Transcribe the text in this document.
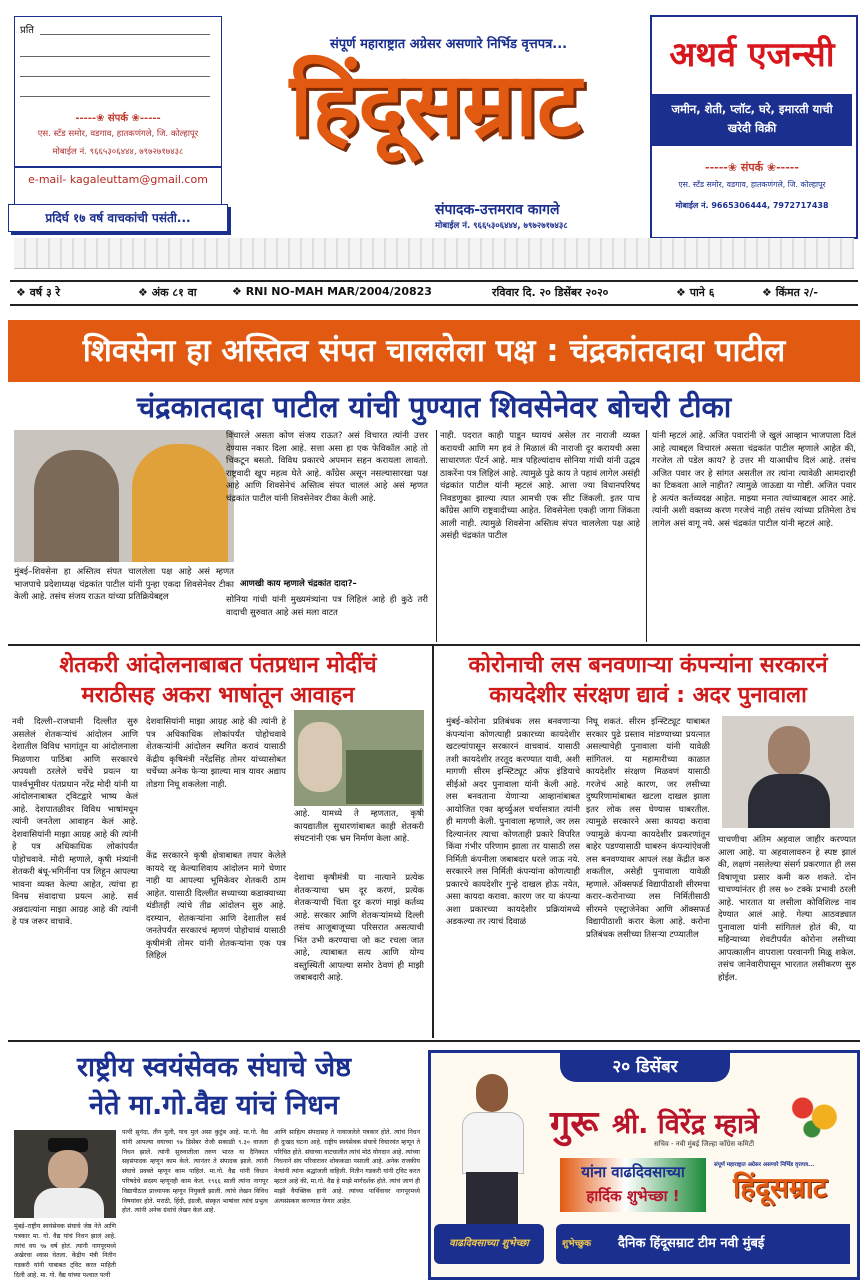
प्रति
-----❀ संपर्क ❀-----
एस. स्टँड समोर, वडगाव, हातकणंगले, जि. कोल्हापूर
मोबाईल नं. ९६६५३०६४४४, ७९७२७१७४३८
e-mail- kagaleuttam@gmail.com
प्रदिर्घ १७ वर्ष वाचकांची पसंती...
संपूर्ण महाराष्ट्रात अग्रेसर असणारे निर्भिड वृत्तपत्र...
हिंदूसम्राट
संपादक-उत्तमराव कागले
मोबाईल नं. ९६६५३०६४४४, ७९७२७१७४३८
अथर्व एजन्सी
जमीन, शेती, प्लॉट, घरे, इमारती याची खरेदी विक्री
-----❀ संपर्क ❀-----
एस. स्टँड समोर, वडगाव, हातकणंगले, जि. कोल्हापूर
मोबाईल नं. 9665306444, 7972717438
❖ वर्ष ३ रे	❖ अंक ८१ वा	❖ RNI NO-MAH MAR/2004/20823	रविवार दि. २० डिसेंबर २०२०	❖ पाने ६	❖ किंमत २/-
शिवसेना हा अस्तित्व संपत चाललेला पक्ष : चंद्रकांतदादा पाटील
चंद्रकातदादा पाटील यांची पुण्यात शिवसेनेवर बोचरी टीका
मुंबई–शिवसेना हा अस्तित्व संपत चाललेला पक्ष आहे असं म्हणत भाजपाचे प्रदेशाध्यक्ष चंद्रकांत पाटील यांनी पुन्हा एकदा शिवसेनेवर टीका केली आहे. तसंच संजय राऊत यांच्या प्रतिक्रियेबद्दल
विचारले असता कोण संजय राऊत? असं विचारत त्यांनी उत्तर देण्यास नकार दिला आहे. सत्ता असा हा एक फेविकॉल आहे तो चिकटून बसतो. विविध प्रकारचे अपमान सहन करायला लावतो. राष्ट्रवादी खूप महत्व घेते आहे. काँग्रेस असून नसल्यासारखा पक्ष आहे आणि शिवसेनेचं अस्तित्व संपत चाललं आहे असं म्हणत चंद्रकांत पाटील यांनी शिवसेनेवर टीका केली आहे.
आणखी काय म्हणाले चंद्रकांत दादा?–
सोनिया गांधी यांनी मुख्यमंत्र्यांना पत्र लिहिलं आहे ही कुठे तरी वादाची सुरुवात आहे असं मला वाटत
नाही. पदरात काही पाडून घ्यायचं असेल तर नाराजी व्यक्त करायची आणि मग हवं ते मिळालं की नाराजी दूर करायची असा साधारणतः पॅटर्न आहे. मात्र पहिल्यांदाच सोनिया गांधी यांनी उद्धव ठाकरेंना पत्र लिहिलं आहे. त्यामुळे पुढे काय ते पहावं लागेल असंही चंद्रकांत पाटील यांनी म्हटलं आहे. आत्ता ज्या विधानपरिषद निवडणुका झाल्या त्यात आमची एक सीट जिंकली. इतर पाच काँग्रेस आणि राष्ट्रवादीच्या आहेत. शिवसेनेला एकही जागा जिंकता आली नाही. त्यामुळे शिवसेना अस्तित्व संपत चाललेला पक्ष आहे असंही चंद्रकांत पाटील
यांनी म्हटलं आहे. अजित पवारांनी जे खुलं आव्हान भाजपाला दिलं आहे त्याबद्दल विचारलं असता चंद्रकांत पाटील म्हणाले आहेत की, गरजेल तो पडेल काय? हे उत्तर मी याआधीच दिलं आहे. तसंच अजित पवार जर हे सांगत असतील तर त्यांना त्यावेळी आमदारही का टिकवता आले नाहीत? त्यामुळे जाऊद्या या गोष्टी. अजित पवार हे अत्यंत कर्तव्यदक्ष आहेत. माझ्या मनात त्यांच्याबद्दल आदर आहे. त्यांनी अशी वक्तव्य करण गरजेचं नाही तसंच त्यांच्या प्रतिमेला ठेच लागेल असं वागू नये. असं चंद्रकांत पाटील यांनी म्हटलं आहे.
शेतकरी आंदोलनाबाबत पंतप्रधान मोदींचं
मराठीसह अकरा भाषांतून आवाहन
नवी दिल्ली–राजधानी दिल्लीत सुरु असलेलं शेतकऱ्यांचं आंदोलन आणि देशातील विविध भागांतून या आंदोलनाला मिळणारा पाठिंबा आणि सरकारचे अपयशी ठरलेले चर्चेचे प्रयत्न या पार्श्वभूमीवर पंतप्रधान नरेंद्र मोदी यांनी या आंदोलनाबाबत ट्विटद्वारे भाष्य केलं आहे. देशपातळीवर विविध भाषांमधून त्यांनी जनतेला आवाहन केलं आहे. देशवासियांनी माझा आग्रह आहे की त्यांनी हे पत्र अधिकाधिक लोकांपर्यंत पोहोचवावे. मोदी म्हणाले, कृषी मंत्र्यांनी शेतकरी बंधू-भगिनींना पत्र लिहून आपल्या भावना व्यक्त केल्या आहेत, त्यांचा हा विनम्र संवादाचा प्रयत्न आहे. सर्व अन्नदात्यांना माझा आग्रह आहे की त्यांनी हे पत्र जरूर वाचावे.
देशवासियांनी माझा आग्रह आहे की त्यांनी हे पत्र अधिकाधिक लोकांपर्यंत पोहोचवावे शेतकऱ्यांनी आंदोलन स्थगित करावं यासाठी केंद्रीय कृषिमंत्री नरेंद्रसिंह तोमर यांच्यासोबत चर्चेच्या अनेक फेऱ्या झाल्या मात्र यावर अद्याप तोडगा निघू शकलेला नाही.
केंद्र सरकारने कृषी क्षेत्राबाबत तयार केलेले कायदे रद्द केल्याशिवाय आंदोलन मागे घेणार नाही या आपल्या भूमिकेवर शेतकरी ठाम आहेत. यासाठी दिल्लीत सध्याच्या कडाक्याच्या थंडीतही त्यांचे तीव्र आंदोलन सुरु आहे. दरम्यान, शेतकऱ्यांना आणि देशातील सर्व जनतेपर्यंत सरकारचं म्हणणं पोहोचावं यासाठी कृषीमंत्री तोमर यांनी शेतकऱ्यांना एक पत्र लिहिलं
आहे. यामध्ये ते म्हणतात, कृषी कायद्यातील सुधारणांबाबत काही शेतकरी संघटनांनी एक भ्रम निर्माण केला आहे.
देशाचा कृषीमंत्री या नात्याने प्रत्येक शेतकऱ्याचा भ्रम दूर करणं, प्रत्येक शेतकऱ्याची चिंता दूर करणं माझं कर्तव्य आहे. सरकार आणि शेतकऱ्यांमध्ये दिल्ली तसंच आजूबाजूच्या परिसरात असत्याची भिंत उभी करण्याचा जो कट रचला जात आहे, त्याबाबत सत्य आणि योग्य वस्तुस्थिती आपल्या समोर ठेवणं ही माझी जबाबदारी आहे.
कोरोनाची लस बनवणाऱ्या कंपन्यांना सरकारनं
कायदेशीर संरक्षण द्यावं : अदर पुनावाला
मुंबई–कोरोना प्रतिबंधक लस बनवणाऱ्या कंपन्यांना कोणत्याही प्रकारच्या कायदेशीर खटल्यांपासून सरकारनं वाचवावं. यासाठी तशी कायदेशीर तरतूद करण्यात यावी, अशी मागणी सीरम इन्स्टिट्यूट ऑफ इंडियाचे सीईओ अदर पुनावाला यांनी केली आहे. लस बनवताना येणाऱ्या आव्हानांबाबत आयोजित एका व्हर्च्युअल चर्चासत्रात त्यांनी ही मागणी केली. पुनावाला म्हणाले, जर लस दिल्यानंतर त्याचा कोणताही प्रकारे विपरित किंवा गंभीर परिणाम झाला तर यासाठी लस निर्मिती कंपनीला जबाबदार धरले जाऊ नये. सरकारने लस निर्मिती कंपन्यांना कोणत्याही प्रकारचे कायदेशीर गुन्हे दाखल होऊ नयेत, असा कायदा करावा. कारण जर या कंपन्या अशा प्रकारच्या कायदेशीर प्रक्रियांमध्ये अडकल्या तर त्याचं दिवाळं
निघू शकतं. सीरम इन्स्टिट्यूट याबाबत सरकार पुढे प्रस्ताव मांडण्याच्या प्रयत्नात असल्याचेही पुनावाला यांनी यावेळी सांगितलं. या महामारीच्या काळात कायदेशीर संरक्षण मिळवणं यासाठी गरजेचं आहे कारण, जर लसीच्या दुष्परिणामांबाबत खटला दाखल झाला इतर लोक लस घेण्यास घाबरतील. त्यामुळे सरकारने असा कायदा करावा ज्यामुळे कंपन्या कायदेशीर प्रकरणांतून बाहेर पडण्यासाठी घाबरुन कंपन्यांऐवजी लस बनवण्यावर आपलं लक्ष केंद्रीत करु शकतील, असेही पुनावाला यावेळी म्हणाले. ऑक्सफर्ड विद्यापीठाशी सीरमचा करार–करोनाच्या लस निर्मितीसाठी सीरमने एस्ट्राजेनेका आणि ऑक्सफर्ड विद्यापीठाशी करार केला आहे. करोना प्रतिबंधक लसीच्या तिसऱ्या टप्प्यातील
चाचणीचा अंतिम अहवाल जाहीर करण्यात आला आहे. या अहवालावरुन हे स्पष्ट झालं की, लक्षणं नसलेल्या संसर्ग प्रकरणात ही लस विषाणूचा प्रसार कमी करु शकते. दोन चाचण्यांनंतर ही लस ७० टक्के प्रभावी ठरली आहे. भारतात या लसीला कोविशिल्ड नाव देण्यात आलं आहे. गेल्या आठवड्यात पुनावाला यांनी सांगितलं होतं की, या महिन्याच्या शेवटीपर्यंत कोरोना लसीच्या आपत्कालीन वापराला परवानगी मिळू शकेल. तसंच जानेवारीपासून भारतात लसीकरण सुरु होईल.
राष्ट्रीय स्वयंसेवक संघाचे जेष्ठ
नेते मा.गो.वैद्य यांचं निधन
मुंबई–राष्ट्रीय स्वयंसेवक संघाचे जेष्ठ नेते आणि पत्रकार मा. गो. वैद्य यांचं निधन झालं आहे. त्यांचं वय ९७ वर्ष होतं. त्यांनी नागपूरमध्ये अखेरचा श्वास घेतला. केंद्रीय मंत्री नितीन गडकरी यांनी याबाबत ट्विट करत माहिती दिली आहे. मा. गो. वैद्य यांच्या पश्चात पत्नी
पत्नी सुनंदा, तीन मुली, पाच मुलं असा कुटुंब आहे. मा.गो. वैद्य यांनी आपल्या वयाच्या ९७ डिसेंबर रोजी सकाळी ९.३० वाजता निधन झाले. त्यांनी सुरुवातीला तरुण भारत या दैनिकात सहसंपादक म्हणून काम केले. त्यानंतर ते संपादक झाले. त्यांनी संघाचे प्रवक्ते म्हणून काम पाहिलं. मा.गो. वैद्य यांनी विधान परिषदेचे सदस्य म्हणूनही काम केलं. १९६६ साली त्यांना नागपूर विद्यापीठात प्राध्यापक म्हणून नियुक्ती झाली. त्यांचे लेखन विविध विषयांवर होते. मराठी, हिंदी, इंग्रजी, संस्कृत भाषांवर त्यांचं प्रभुत्व होतं. त्यांनी अनेक ग्रंथांचे लेखन केलं आहे.
आणि साहित्य संपदासह ते नावाजलेले पत्रकार होते. त्यांचं निधन ही दुःखद घटना आहे. राष्ट्रीय स्वयंसेवक संघाचे विचारवंत म्हणून ते परिचित होते. संघाच्या वाटचालीत त्यांचं मोठं योगदान आहे. त्यांच्या निधनाने संघ परिवारावर शोककळा पसरली आहे. अनेक राजकीय नेत्यांनी त्यांना श्रद्धांजली वाहिली. नितीन गडकरी यांनी ट्विट करत म्हटलं आहे की, मा.गो. वैद्य हे माझे मार्गदर्शक होते. त्यांचं जाणं ही माझी वैयक्तिक हानी आहे. त्यांच्या पार्थिवावर नागपूरमध्ये अंत्यसंस्कार करण्यात येणार आहेत.
२० डिसेंबर
गुरू श्री. विरेंद्र म्हात्रे
सचिव - नवी मुंबई जिल्हा कॉंग्रेस कमिटी
यांना वाढदिवसाच्या
हार्दिक शुभेच्छा !
संपूर्ण महाराष्ट्रात अग्रेसर असणारे निर्भिड वृत्तपत्र...
हिंदूसम्राट
वाढदिवसाच्या शुभेच्छा	शुभेच्छुक दैनिक हिंदूसम्राट टीम नवी मुंबई
